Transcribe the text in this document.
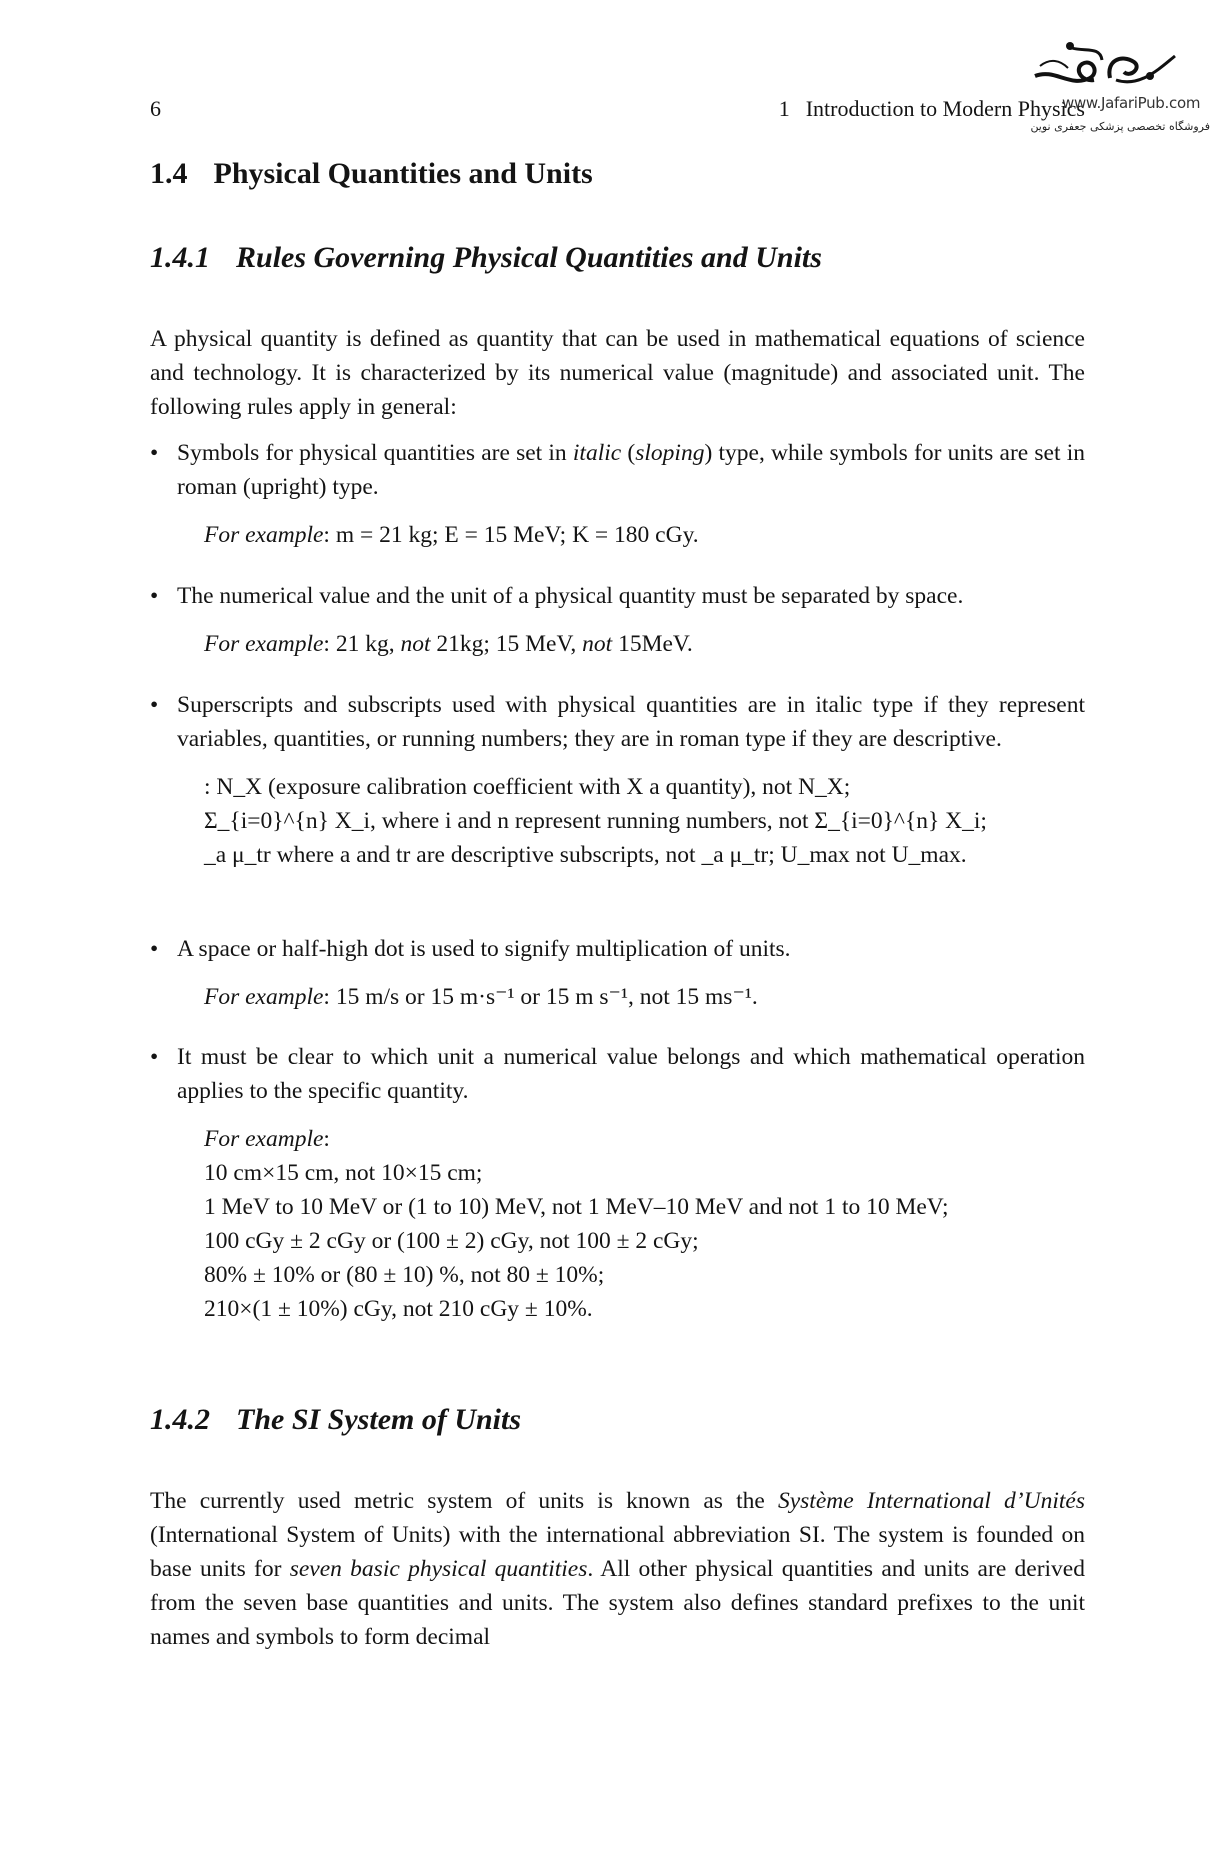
6	1 Introduction to Modern Physics
www.JafariPub.com
فروشگاه تخصصی پزشکی جعفری نوین
1.4 Physical Quantities and Units
1.4.1 Rules Governing Physical Quantities and Units

A physical quantity is defined as quantity that can be used in mathematical equations of science and technology. It is characterized by its numerical value (magnitude) and associated unit. The following rules apply in general:

• Symbols for physical quantities are set in italic (sloping) type, while symbols for units are set in roman (upright) type.

For example: m = 21 kg; E = 15 MeV; K = 180 cGy.

• The numerical value and the unit of a physical quantity must be separated by space.

For example: 21 kg, not 21kg; 15 MeV, not 15MeV.

• Superscripts and subscripts used with physical quantities are in italic type if they represent variables, quantities, or running numbers; they are in roman type if they are descriptive.

: N_X (exposure calibration coefficient with X a quantity), not N_X;
Σ_{i=0}^{n} X_i, where i and n represent running numbers, not Σ_{i=0}^{n} X_i;
_a μ_tr where a and tr are descriptive subscripts, not _a μ_tr; U_max not U_max.

• A space or half-high dot is used to signify multiplication of units.

For example: 15 m/s or 15 m·s⁻¹ or 15 m s⁻¹, not 15 ms⁻¹.

• It must be clear to which unit a numerical value belongs and which mathematical operation applies to the specific quantity.

For example:
10 cm×15 cm, not 10×15 cm;
1 MeV to 10 MeV or (1 to 10) MeV, not 1 MeV–10 MeV and not 1 to 10 MeV;
100 cGy ± 2 cGy or (100 ± 2) cGy, not 100 ± 2 cGy;
80% ± 10% or (80 ± 10) %, not 80 ± 10%;
210×(1 ± 10%) cGy, not 210 cGy ± 10%.
1.4.2 The SI System of Units

The currently used metric system of units is known as the Système International d’Unités (International System of Units) with the international abbreviation SI. The system is founded on base units for seven basic physical quantities. All other physical quantities and units are derived from the seven base quantities and units. The system also defines standard prefixes to the unit names and symbols to form decimal
